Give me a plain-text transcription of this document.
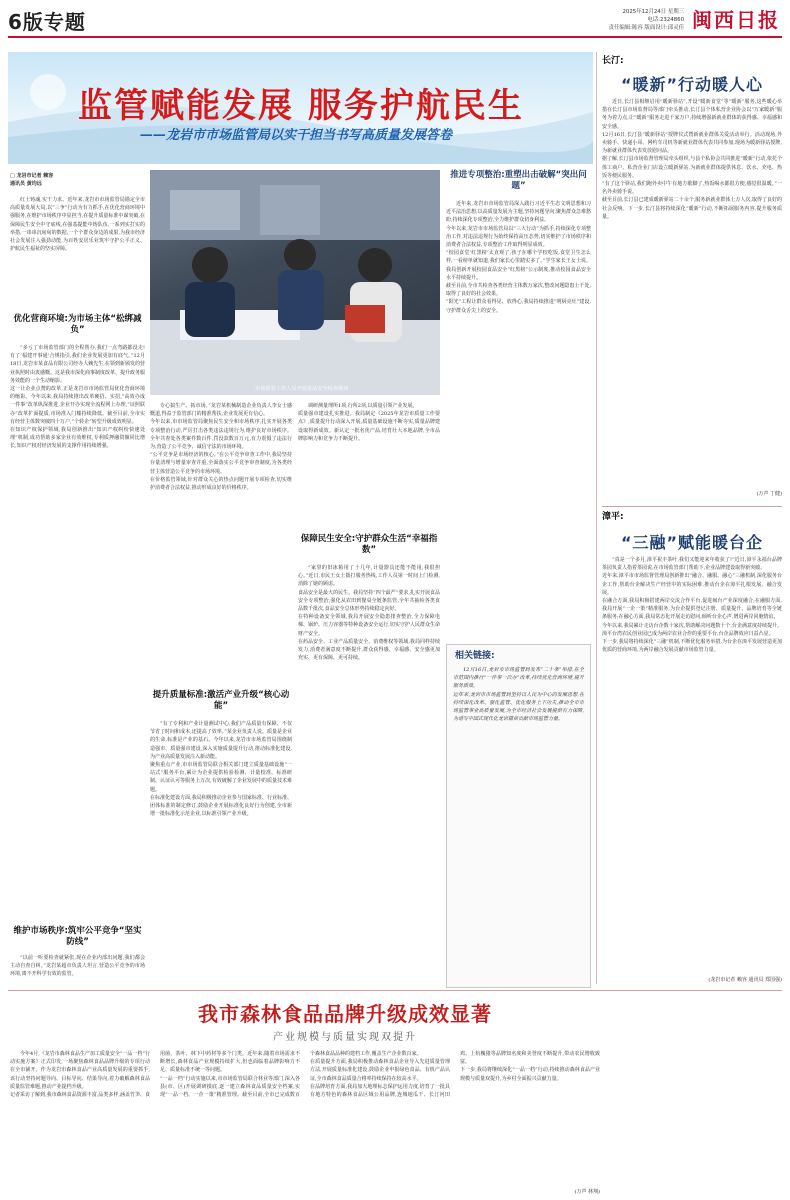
6版专题	2025年12月24日 星期三
电话:2324860
责任编辑:陈容 版面设计:邱灵佳 闽西日报
监管赋能发展 服务护航民生
——龙岩市市场监管局以实干担当书写高质量发展答卷
□ 龙岩市记者 赖容
通讯员 黄均远
红土铸魂,实干力求。近年来,龙岩市市场监管局锚定全市高质量发展大局,以“三争”行动为有力抓手,在优化营商环境中强服务,在维护市场秩序中显担当,在提升质量标准中谋突破,在保障民生安全中守底线,在强基提能中铸队伍,一系列实打实的举措,一串串沉甸甸的数据,一个个群众身边的成果,为我市经济社会发展注入强劲动能,为百姓安居乐业筑牢守护公平正义、护航民生福祉的坚实屏障。
优化营商环境:为市场主体“松绑减负”
“多亏了市场监管部门的全程帮办,我们一点弯路都没走!有了‘福建开事通’合规指引,我们企业发展更加有底气。”12月18日,龙岩市某食品有限公司经办人赖先生,在领到新颁发的营业执照时由衷感慨。这是我市深化商事制度改革、提升政务服务效能的一个生动缩影。
这一让企业点赞的改革,正是龙岩市市场监管局优化营商环境的缩影。今年以来,我局持续推出改革硬招、实招,“高效办成一件事”改革纵深推进,企业开办实现全流程网上办理,“证照联办”改革扩面提质,市场准入门槛持续降低。截至目前,全市实有经营主体数突破四十万户,“个转企”转型升级成效明显。
在知识产权保护领域,我局创新推出“知识产权纠纷快速处理”机制,成功帮助多家企业有效维权,专利质押融资额同比增长,知识产权对经济发展的支撑作用持续增强。
维护市场秩序:筑牢公平竞争“坚实防线”
“以前一听要检查就紧张,现在企业内部出问题,我们都会主动自查自纠。”龙岩某超市负责人坦言,营造公平竞争的市场环境,离不开科学有效的监管。
市场监管工作人员开展食品安全检查现场
专心搞生产、拓市场。”龙岩某机械制造企业负责人李女士感慨道,得益于监管部门的精准帮扶,企业发展更有信心。
今年以来,市市场监管局聚焦民生安全和市场秩序,扎实开展各类专项整治行动,严厉打击各类违法违规行为,维护良好市场秩序。全年共查处各类案件数百件,罚没款数百万元,有力震慑了违法行为,营造了公平竞争、诚信守法的市场环境。
“公平竞争是市场经济的核心。”在公平竞争审查工作中,我局坚持存量清理与增量审查并重,全面落实公平竞争审查制度,为各类经营主体营造公平竞争的市场环境。
在价格监管领域,针对群众关心的热点问题开展专项检查,切实维护消费者合法权益,推动形成良好的价格秩序。
提升质量标准:激活产业升级“核心动能”
“有了专利和产业计量测试中心,我们产品质量有保障、不仅节省了时间和成本,还提高了效率。”某企业负责人说。质量是企业的生命,标准是产业的基石。今年以来,龙岩市市场监管局围绕制造强市、质量强市建设,深入实施质量提升行动,推动标准化建设,为产业高质量发展注入新动能。
聚焦重点产业,市市场监管局联合相关部门建立质量基础设施“一站式”服务平台,累计为企业提供检验检测、计量校准、标准研制、认证认可等服务上万次,有效破解了企业发展中的质量技术难题。
在标准化建设方面,我局积极推动企业参与国家标准、行业标准、团体标准的制定修订,鼓励企业开展标准化良好行为创建,全市新增一批标准化示范企业,以标准引领产业升级。
调研测量理所1项,行所2项,以质量引领产业发展。
质量强市建设扎实推进。我局制定《2025年龙岩市质量工作要点》,质量提升行动深入开展,质量基础设施不断夯实,质量品牌建设取得新成效。新认定一批名优产品,培育壮大本地品牌,全市品牌影响力和竞争力不断提升。
保障民生安全:守护群众生活“幸福指数”
“家里的旧冰箱用了十几年,计量器具还能不能用,我很担心。”近日,市民王女士拨打服务热线,工作人员第一时间上门检测,消除了她的顾虑。
食品安全是最大的民生。我局坚持“四个最严”要求,扎实开展食品安全专项整治,强化从农田到餐桌全链条监管,全年共抽检各类食品数千批次,食品安全总体形势持续稳定向好。
在特种设备安全领域,我局开展安全隐患排查整治,全力保障电梯、锅炉、压力容器等特种设备安全运行,切实守护人民群众生命财产安全。
在药品安全、工业产品质量安全、消费维权等领域,我局同样持续发力,消费者满意度不断提升,群众获得感、幸福感、安全感更加充实、更有保障、更可持续。
推进专项整治:重塑出击破解“突出问题”
近年来,龙岩市市场监管局深入践行习近平生态文明思想和习近平法治思想,以高质量发展为主题,坚持问题导向,聚焦群众急难愁盼,持续深化专项整治,全力维护群众切身利益。
今年以来,龙岩市市场监管局以“三大行动”为抓手,持续深化专项整治工作,对违法违规行为始终保持高压态势,切实维护了市场秩序和消费者合法权益,专项整治工作取得明显成效。
“校园食堂‘红黑榜’太直观了,孩子在哪个学校吃饭,食堂卫生怎么样,一看榜单就知道,我们家长心里踏实多了。”学生家长王女士说。我局创新开展校园食品安全“红黑榜”公示制度,推动校园食品安全水平持续提升。
截至目前,全市共检查各类经营主体数万家次,整改问题隐患上千处,取得了良好的社会效果。
“阳光”工程让群众看得见、放得心,我局持续推进“明厨亮灶”建设,守护群众舌尖上的安全。
相关链接:
12月16日,龙岩市市场监管局发布“二十条”举措,在全市范围内推行“一件事一次办”改革,持续优化营商环境,提升服务质效。
近年来,龙岩市市场监管局坚持以人民为中心的发展思想,在持续深化改革、强化监管、优化服务上下功夫,推动全市市场监管事业高质量发展,为全市经济社会发展提供有力保障,为谱写中国式现代化龙岩篇章贡献市场监管力量。
长汀:
“暖新”行动暖人心
近日,长汀县相继启用“暖新驿站”,开设“暖新食堂”等“暖新”服务,这些暖心举措在长汀县市场监督局等部门牵头推动,长汀县个体私营企业协会以“万家暖新”服务为着力点,让“暖新”服务走进千家万户,持续增强新就业群体的获得感、幸福感和安全感。
12月16日,长汀县“暖新驿站”授牌仪式暨新就业群体关爱活动举行。活动现场,外卖骑手、快递小哥、网约车司机等新就业群体代表共同参加,现场为暖新驿站授牌,为新就业群体代表发放慰问品。
据了解,长汀县市场监督管理局牵头组织,与县个私协会共同推进“暖新”行动,依托个体工商户、私营企业门店设立暖新驿站,为新就业群体提供休息、饮水、充电、热饭等便民服务。
“有了这个驿站,我们跑外卖中午有地方歇脚了,热饭喝水都很方便,感觉很温暖。”一名外卖骑手说。
截至目前,长汀县已建成暖新驿站二十余个,服务新就业群体上万人次,取得了良好的社会反响。下一步,长汀县将持续深化“暖新”行动,不断拓展服务内容,提升服务质量。
(万声 丁健)
漳平:
“三融”赋能暖台企
“真是一个多月,漳平祝丰茶叶,我们又能迎来年收获了!”近日,漳平永福台品牌茶园负责人指着茶园说,在市场监管部门帮助下,企业品牌建设取得新突破。
近年来,漳平市市场监督管理局创新推出“融合、融服、融心”三融机制,深化服务台企工作,帮助台企解决生产经营中的实际困难,推动台企在漳平扎根发展、融合发展。
在融合方面,我局积极搭建两岸交流合作平台,促进闽台产业深度融合;在融服方面,我局开展“一企一策”精准服务,为台企提供登记注册、质量提升、品牌培育等全链条服务;在融心方面,我局常态化开展走访慰问,倾听台企心声,增进两岸同胞情谊。
今年以来,我局累计走访台企数十家次,帮助解决问题数十个,台企满意度持续提升。漳平台湾农民创业园已成为两岸农业合作的重要平台,台企品牌效应日益凸显。
下一步,我局将持续深化“三融”机制,不断优化服务举措,为台企在漳平发展营造更加优质的营商环境,为两岸融合发展贡献市场监管力量。
(龙岩市记者 赖容 通讯员 郑国强)
我市森林食品品牌升级成效显著
产业规模与质量实现双提升
今年4月,《龙岩市森林食品生产加工质量安全“一品一档”行动实施方案》正式印发,一场聚焦森林食品品牌升级的专项行动在全市铺开。作为龙岩市森林食品产业高质量发展的重要抓手,该行动坚持问题导向、目标导向、结果导向,着力破解森林食品质量监管难题,推动产业提档升级。
记者采访了解到,我市森林食品资源丰富,品类多样,涵盖竹笋、食用菌、茶叶、林下中药材等多个门类。近年来,随着市场需求不断增长,森林食品产业规模持续扩大,但也面临着品牌影响力不足、质量标准不统一等问题。
“一品一档”行动实施以来,市市场监管局联合林业等部门,深入各县(市、区)开展调研摸底,逐一建立森林食品质量安全档案,实现“一品一档、一企一策”精准管理。截至目前,全市已完成数百个森林食品品种的建档工作,覆盖生产企业数百家。
在质量提升方面,我局积极推动森林食品企业导入先进质量管理方法,开展质量标准化建设,鼓励企业申报绿色食品、有机产品认证,全市森林食品质量合格率持续保持在较高水平。
在品牌培育方面,我局加大地理标志保护运用力度,培育了一批具有地方特色的森林食品区域公用品牌,连城地瓜干、长汀河田鸡、上杭槐猪等品牌知名度和美誉度不断提升,带动农民增收致富。
下一步,我局将继续深化“一品一档”行动,持续推动森林食品产业规模与质量双提升,为乡村全面振兴贡献力量。
(万声 林翔)
